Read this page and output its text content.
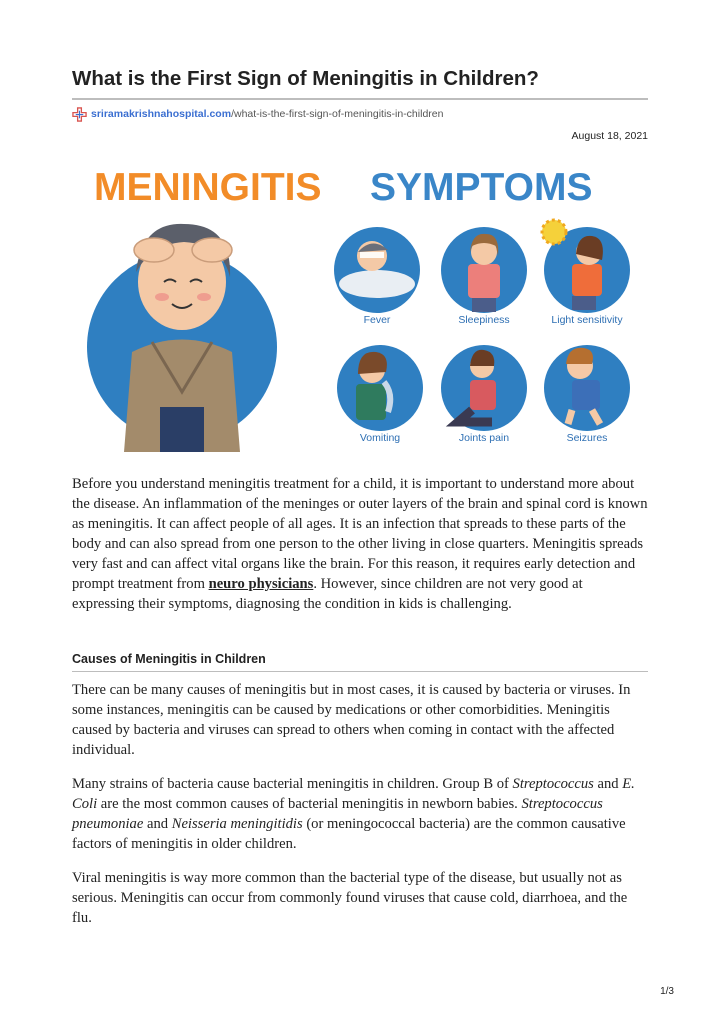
What is the First Sign of Meningitis in Children?
sriramakrishnahospital.com /what-is-the-first-sign-of-meningitis-in-children
August 18, 2021
MENINGITIS SYMPTOMS
Fever	Sleepiness	Light sensitivity
Vomiting	Joints pain	Seizures

Before you understand meningitis treatment for a child, it is important to understand more about the disease. An inflammation of the meninges or outer layers of the brain and spinal cord is known as meningitis. It can affect people of all ages. It is an infection that spreads to these parts of the body and can also spread from one person to the other living in close quarters. Meningitis spreads very fast and can affect vital organs like the brain. For this reason, it requires early detection and prompt treatment from neuro physicians. However, since children are not very good at expressing their symptoms, diagnosing the condition in kids is challenging.

Causes of Meningitis in Children

There can be many causes of meningitis but in most cases, it is caused by bacteria or viruses. In some instances, meningitis can be caused by medications or other comorbidities. Meningitis caused by bacteria and viruses can spread to others when coming in contact with the affected individual.

Many strains of bacteria cause bacterial meningitis in children. Group B of Streptococcus and E. Coli are the most common causes of bacterial meningitis in newborn babies. Streptococcus pneumoniae and Neisseria meningitidis (or meningococcal bacteria) are the common causative factors of meningitis in older children.

Viral meningitis is way more common than the bacterial type of the disease, but usually not as serious. Meningitis can occur from commonly found viruses that cause cold, diarrhoea, and the flu.

1/3
